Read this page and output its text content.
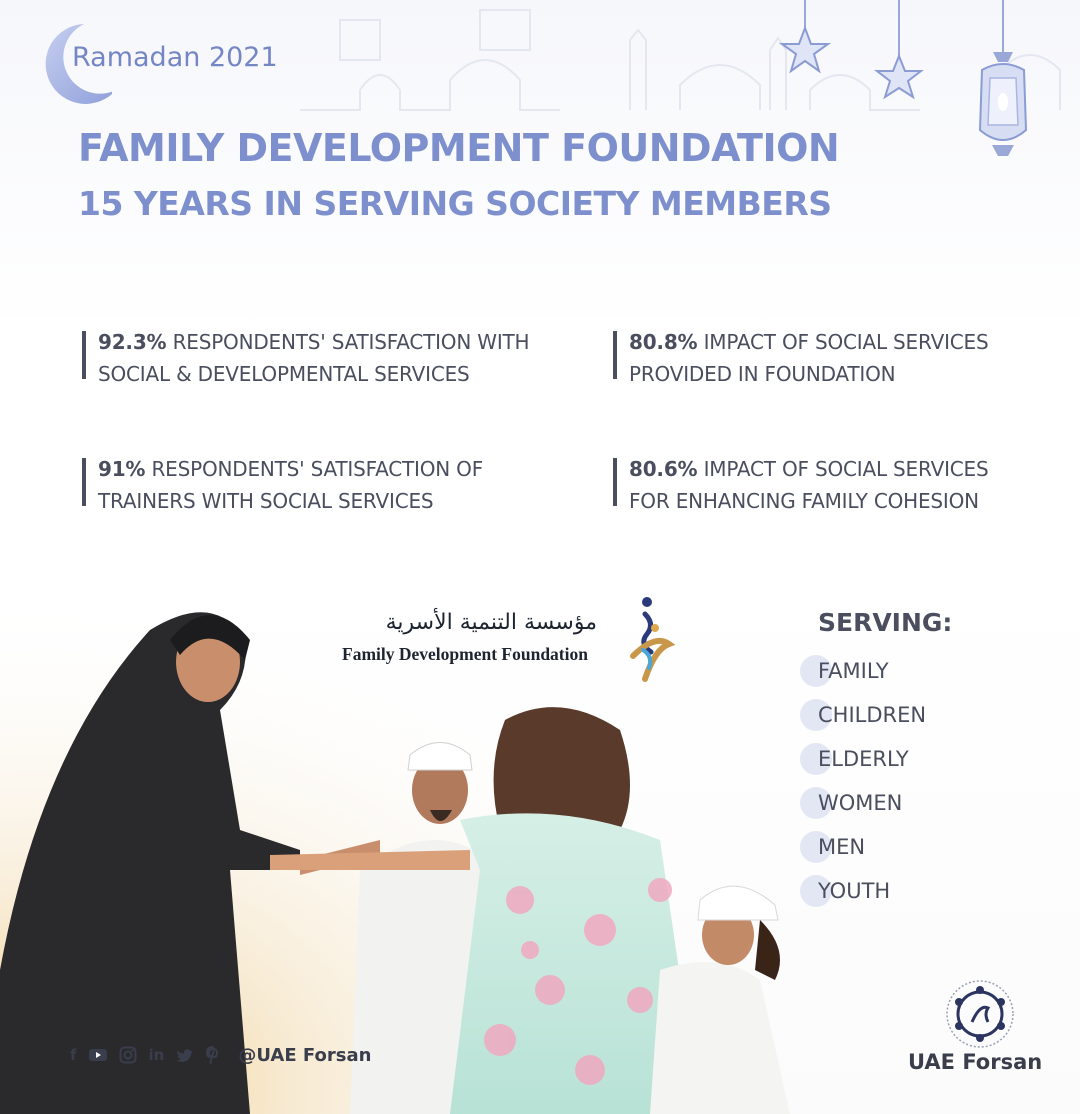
Ramadan 2021
FAMILY DEVELOPMENT FOUNDATION
15 YEARS IN SERVING SOCIETY MEMBERS
92.3% RESPONDENTS' SATISFACTION WITH SOCIAL & DEVELOPMENTAL SERVICES
80.8% IMPACT OF SOCIAL SERVICES PROVIDED IN FOUNDATION
91% RESPONDENTS' SATISFACTION OF TRAINERS WITH SOCIAL SERVICES
80.6% IMPACT OF SOCIAL SERVICES FOR ENHANCING FAMILY COHESION
مؤسسة التنمية الأسرية
Family Development Foundation
SERVING:
FAMILY
CHILDREN
ELDERLY
WOMEN
MEN
YOUTH
f	in	@UAE Forsan	UAE Forsan
